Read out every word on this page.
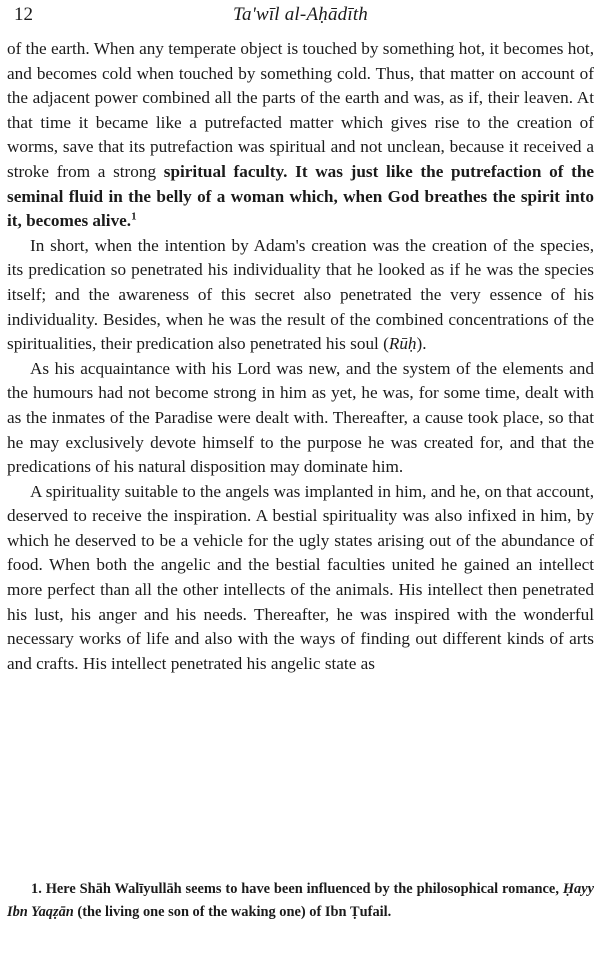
12	Ta'wīl al-Aḥādīth

of the earth. When any temperate object is touched by something hot, it becomes hot, and becomes cold when touched by something cold. Thus, that matter on account of the adjacent power combined all the parts of the earth and was, as if, their leaven. At that time it became like a putrefacted matter which gives rise to the creation of worms, save that its putrefaction was spiritual and not unclean, because it received a stroke from a strong spiritual faculty. It was just like the putrefaction of the seminal fluid in the belly of a woman which, when God breathes the spirit into it, becomes alive.$^1$

In short, when the intention by Adam's creation was the creation of the species, its predication so penetrated his individuality that he looked as if he was the species itself; and the awareness of this secret also penetrated the very essence of his individuality. Besides, when he was the result of the combined concentrations of the spiritualities, their predication also penetrated his soul (Rūḥ).

As his acquaintance with his Lord was new, and the system of the elements and the humours had not become strong in him as yet, he was, for some time, dealt with as the inmates of the Paradise were dealt with. Thereafter, a cause took place, so that he may exclusively devote himself to the purpose he was created for, and that the predications of his natural disposition may dominate him.

A spirituality suitable to the angels was implanted in him, and he, on that account, deserved to receive the inspiration. A bestial spirituality was also infixed in him, by which he deserved to be a vehicle for the ugly states arising out of the abundance of food. When both the angelic and the bestial faculties united he gained an intellect more perfect than all the other intellects of the animals. His intellect then penetrated his lust, his anger and his needs. Thereafter, he was inspired with the wonderful necessary works of life and also with the ways of finding out different kinds of arts and crafts. His intellect penetrated his angelic state as

1. Here Shāh Walīyullāh seems to have been influenced by the philosophical romance, Ḥayy Ibn Yaqẓān (the living one son of the waking one) of Ibn Ṭufail.
